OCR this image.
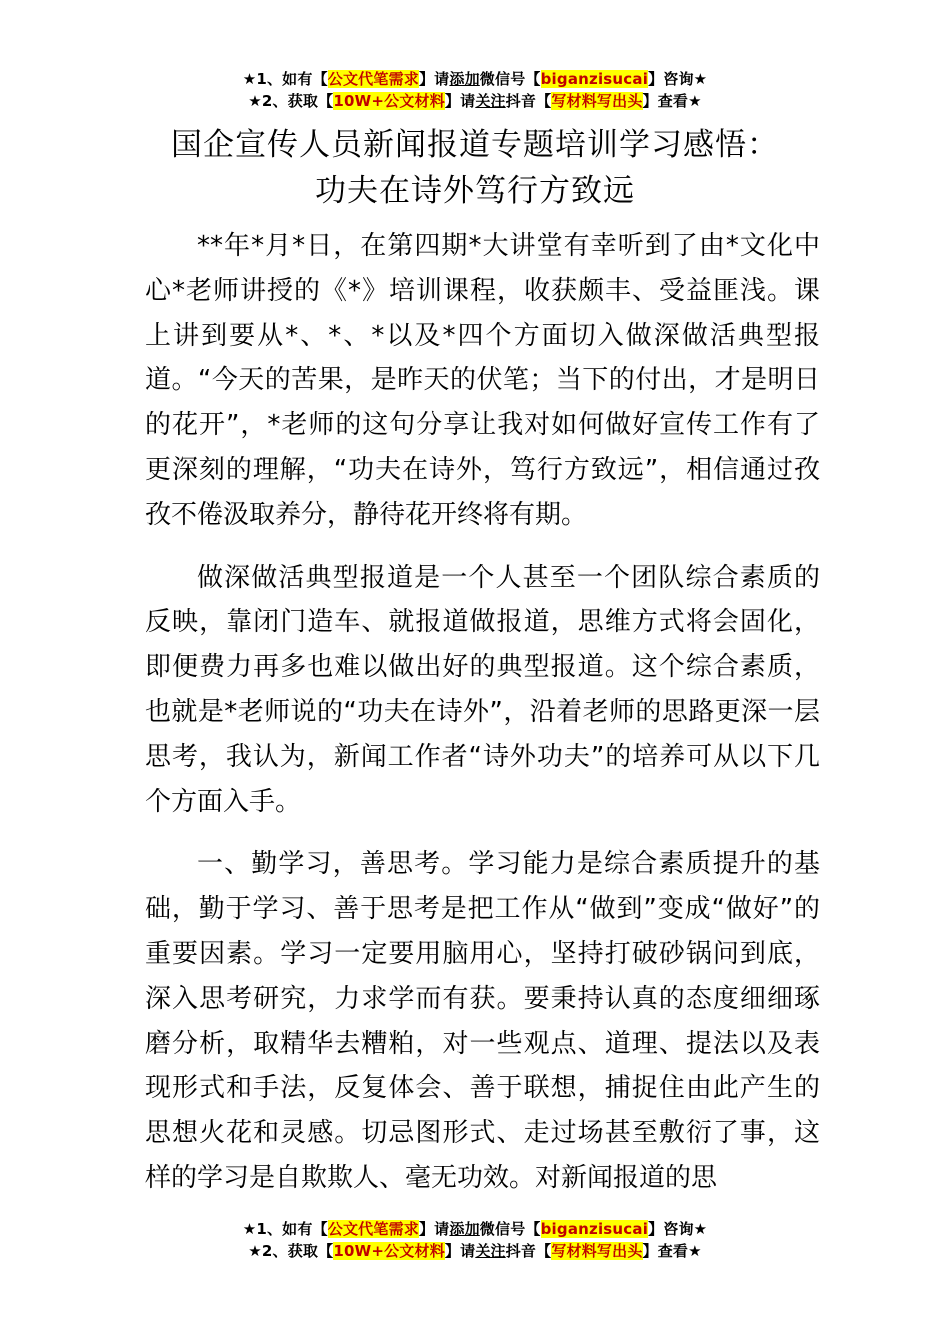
★1、如有【公文代笔需求】请添加微信号【biganzisucai】咨询★
★2、获取【10W+公文材料】请关注抖音【写材料写出头】查看★
国企宣传人员新闻报道专题培训学习感悟：
功夫在诗外笃行方致远

**年*月*日，在第四期*大讲堂有幸听到了由*文化中心*老师讲授的《*》培训课程，收获颇丰、受益匪浅。课上讲到要从*、*、*以及*四个方面切入做深做活典型报道。“今天的苦果，是昨天的伏笔；当下的付出，才是明日的花开”，*老师的这句分享让我对如何做好宣传工作有了更深刻的理解，“功夫在诗外，笃行方致远”，相信通过孜孜不倦汲取养分，静待花开终将有期。

做深做活典型报道是一个人甚至一个团队综合素质的反映，靠闭门造车、就报道做报道，思维方式将会固化，即便费力再多也难以做出好的典型报道。这个综合素质，也就是*老师说的“功夫在诗外”，沿着老师的思路更深一层思考，我认为，新闻工作者“诗外功夫”的培养可从以下几个方面入手。

一、勤学习，善思考。学习能力是综合素质提升的基础，勤于学习、善于思考是把工作从“做到”变成“做好”的重要因素。学习一定要用脑用心，坚持打破砂锅问到底，深入思考研究，力求学而有获。要秉持认真的态度细细琢磨分析，取精华去糟粕，对一些观点、道理、提法以及表现形式和手法，反复体会、善于联想，捕捉住由此产生的思想火花和灵感。切忌图形式、走过场甚至敷衍了事，这样的学习是自欺欺人、毫无功效。对新闻报道的思

★1、如有【公文代笔需求】请添加微信号【biganzisucai】咨询★
★2、获取【10W+公文材料】请关注抖音【写材料写出头】查看★
